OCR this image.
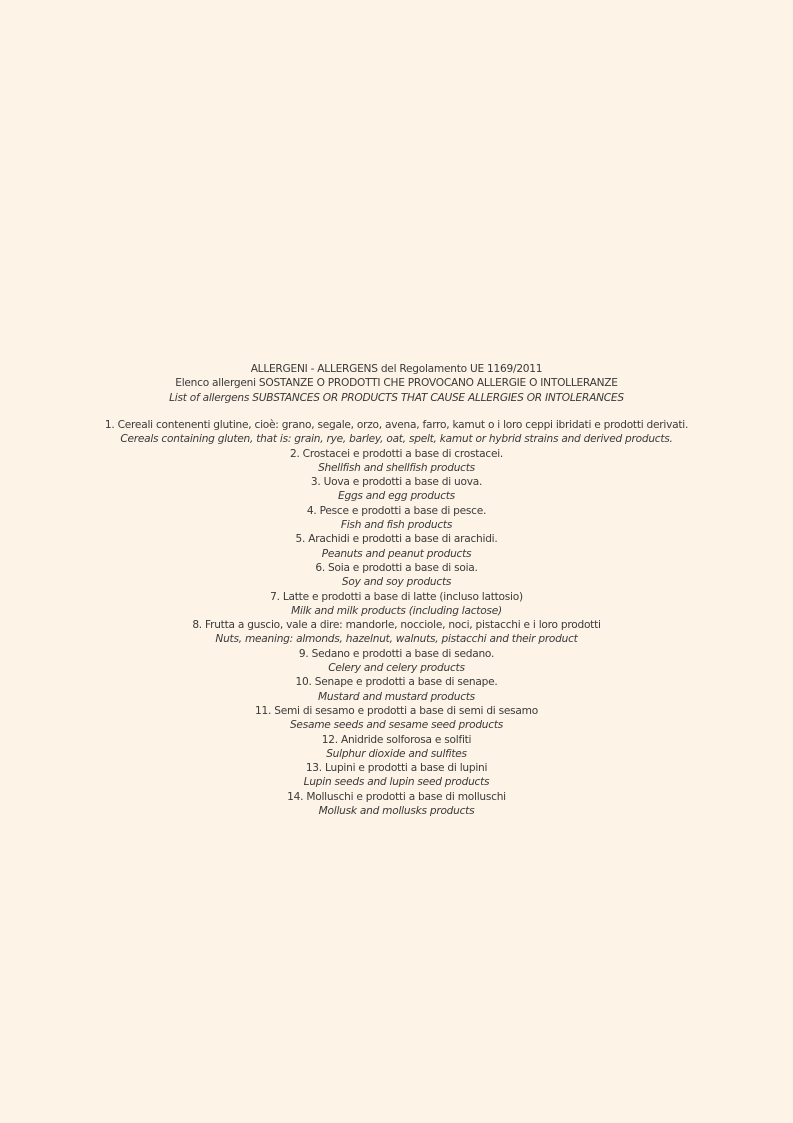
ALLERGENI - ALLERGENS del Regolamento UE 1169/2011
Elenco allergeni SOSTANZE O PRODOTTI CHE PROVOCANO ALLERGIE O INTOLLERANZE
List of allergens SUBSTANCES OR PRODUCTS THAT CAUSE ALLERGIES OR INTOLERANCES
1. Cereali contenenti glutine, cioè: grano, segale, orzo, avena, farro, kamut o i loro ceppi ibridati e prodotti derivati.
Cereals containing gluten, that is: grain, rye, barley, oat, spelt, kamut or hybrid strains and derived products.
2. Crostacei e prodotti a base di crostacei.
Shellfish and shellfish products
3. Uova e prodotti a base di uova.
Eggs and egg products
4. Pesce e prodotti a base di pesce.
Fish and fish products
5. Arachidi e prodotti a base di arachidi.
Peanuts and peanut products
6. Soia e prodotti a base di soia.
Soy and soy products
7. Latte e prodotti a base di latte (incluso lattosio)
Milk and milk products (including lactose)
8. Frutta a guscio, vale a dire: mandorle, nocciole, noci, pistacchi e i loro prodotti
Nuts, meaning: almonds, hazelnut, walnuts, pistacchi and their product
9. Sedano e prodotti a base di sedano.
Celery and celery products
10. Senape e prodotti a base di senape.
Mustard and mustard products
11. Semi di sesamo e prodotti a base di semi di sesamo
Sesame seeds and sesame seed products
12. Anidride solforosa e solfiti
Sulphur dioxide and sulfites
13. Lupini e prodotti a base di lupini
Lupin seeds and lupin seed products
14. Molluschi e prodotti a base di molluschi
Mollusk and mollusks products
